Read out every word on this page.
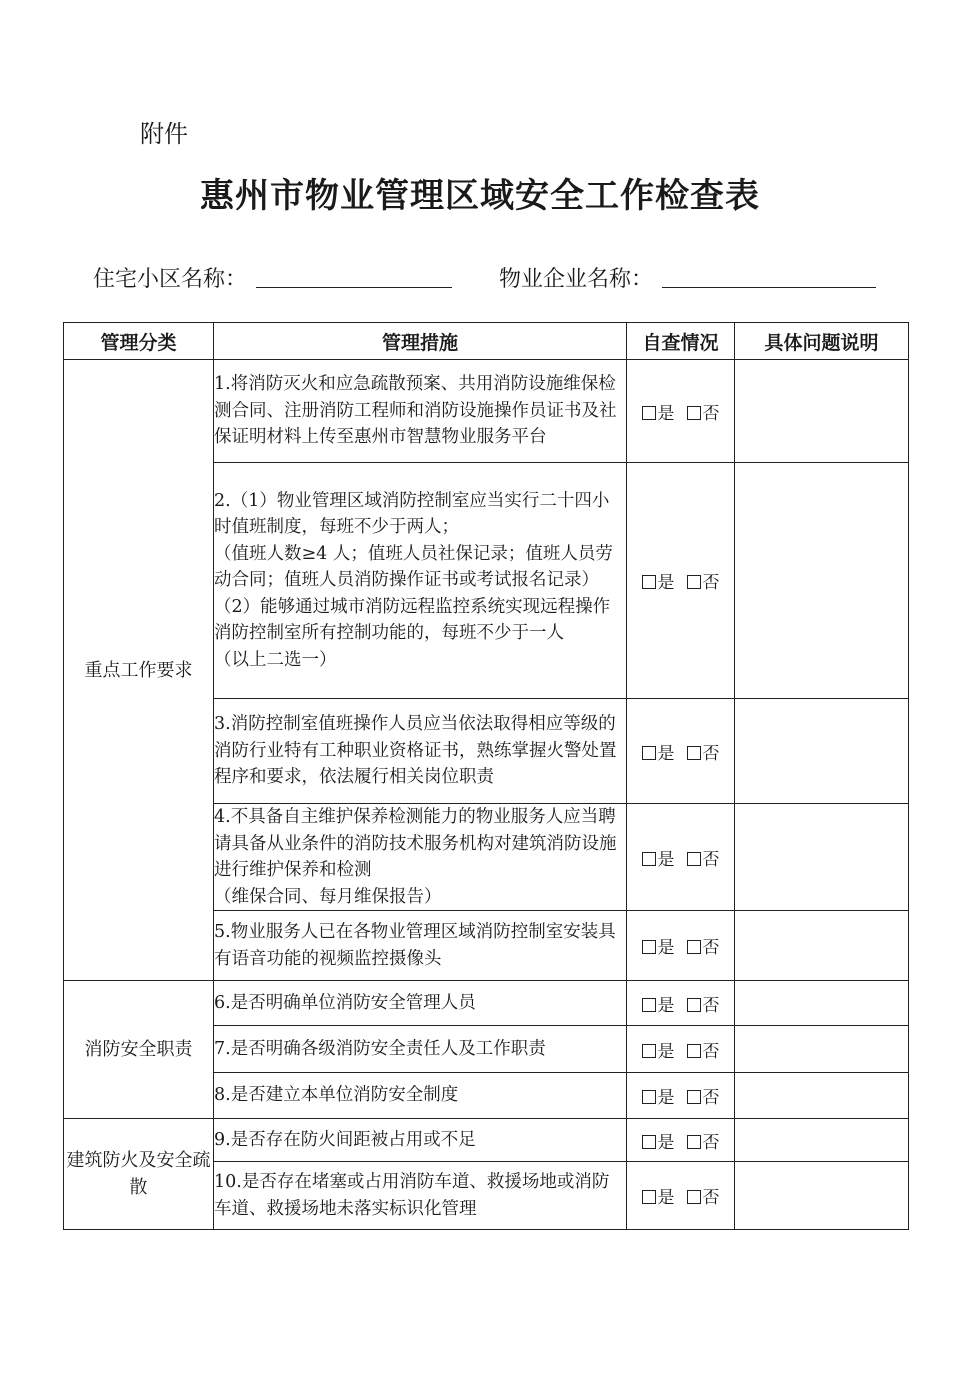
附件
惠州市物业管理区域安全工作检查表
住宅小区名称：	物业企业名称：
管理分类	管理措施	自查情况	具体问题说明
重点工作要求	1.将消防灭火和应急疏散预案、共用消防设施维保检测合同、注册消防工程师和消防设施操作员证书及社保证明材料上传至惠州市智慧物业服务平台	是 否	

	2.（1）物业管理区域消防控制室应当实行二十四小时值班制度，每班不少于两人；
（值班人数≥4 人；值班人员社保记录；值班人员劳动合同；值班人员消防操作证书或考试报名记录）
（2）能够通过城市消防远程监控系统实现远程操作消防控制室所有控制功能的，每班不少于一人
（以上二选一）	是 否	
	3.消防控制室值班操作人员应当依法取得相应等级的消防行业特有工种职业资格证书，熟练掌握火警处置程序和要求，依法履行相关岗位职责	是 否	

	4.不具备自主维护保养检测能力的物业服务人应当聘请具备从业条件的消防技术服务机构对建筑消防设施进行维护保养和检测
（维保合同、每月维保报告）	是 否	
	5.物业服务人已在各物业管理区域消防控制室安装具有语音功能的视频监控摄像头	是 否	
消防安全职责	6.是否明确单位消防安全管理人员	是 否	
	7.是否明确各级消防安全责任人及工作职责	是 否	
	8.是否建立本单位消防安全制度	是 否	
建筑防火及安全疏散	9.是否存在防火间距被占用或不足	是 否	
	10.是否存在堵塞或占用消防车道、救援场地或消防车道、救援场地未落实标识化管理	是 否	
